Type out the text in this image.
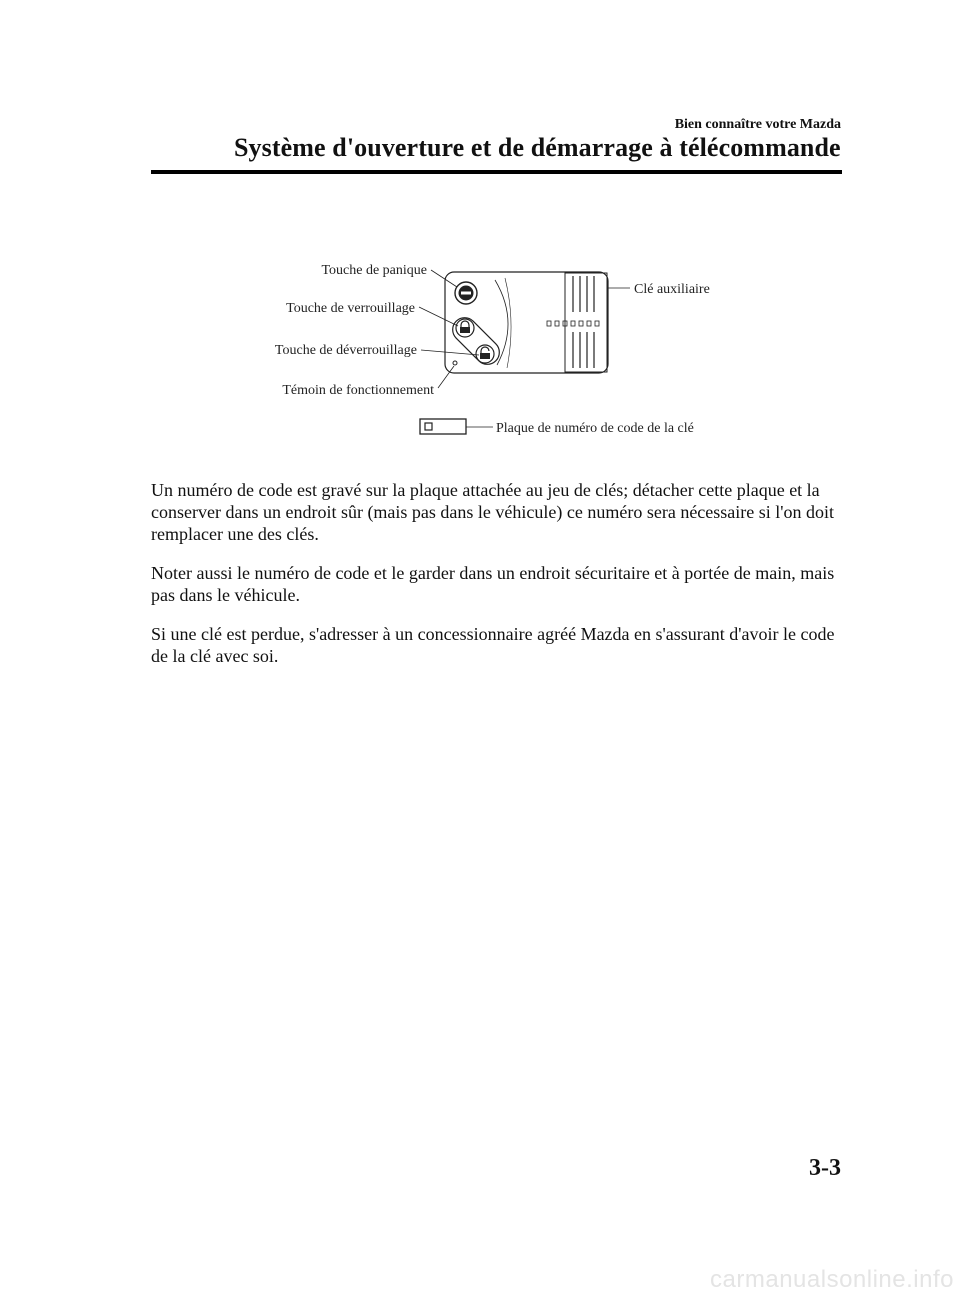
Bien connaître votre Mazda
Système d'ouverture et de démarrage à télécommande
Touche de panique
Touche de verrouillage
Touche de déverrouillage
Témoin de fonctionnement
Clé auxiliaire
Plaque de numéro de code de la clé

Un numéro de code est gravé sur la plaque attachée au jeu de clés; détacher cette plaque et la conserver dans un endroit sûr (mais pas dans le véhicule) ce numéro sera nécessaire si l'on doit remplacer une des clés.

Noter aussi le numéro de code et le garder dans un endroit sécuritaire et à portée de main, mais pas dans le véhicule.

Si une clé est perdue, s'adresser à un concessionnaire agréé Mazda en s'assurant d'avoir le code de la clé avec soi.

3-3
carmanualsonline.info
